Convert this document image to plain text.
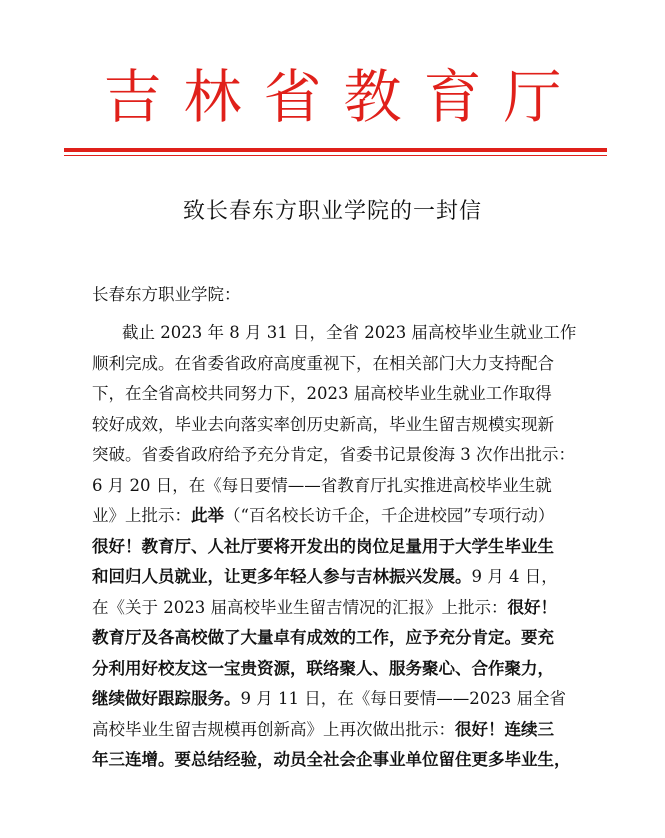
吉林省教育厅
致长春东方职业学院的一封信
长春东方职业学院：
截止 2023 年 8 月 31 日，全省 2023 届高校毕业生就业工作
顺利完成。在省委省政府高度重视下，在相关部门大力支持配合
下，在全省高校共同努力下，2023 届高校毕业生就业工作取得
较好成效，毕业去向落实率创历史新高，毕业生留吉规模实现新
突破。省委省政府给予充分肯定，省委书记景俊海 3 次作出批示：
6 月 20 日，在《每日要情——省教育厅扎实推进高校毕业生就
业》上批示：此举（“百名校长访千企，千企进校园”专项行动）
很好！教育厅、人社厅要将开发出的岗位足量用于大学生毕业生
和回归人员就业，让更多年轻人参与吉林振兴发展。9 月 4 日，
在《关于 2023 届高校毕业生留吉情况的汇报》上批示：很好！
教育厅及各高校做了大量卓有成效的工作，应予充分肯定。要充
分利用好校友这一宝贵资源，联络聚人、服务聚心、合作聚力，
继续做好跟踪服务。9 月 11 日，在《每日要情——2023 届全省
高校毕业生留吉规模再创新高》上再次做出批示：很好！连续三
年三连增。要总结经验，动员全社会企事业单位留住更多毕业生，
